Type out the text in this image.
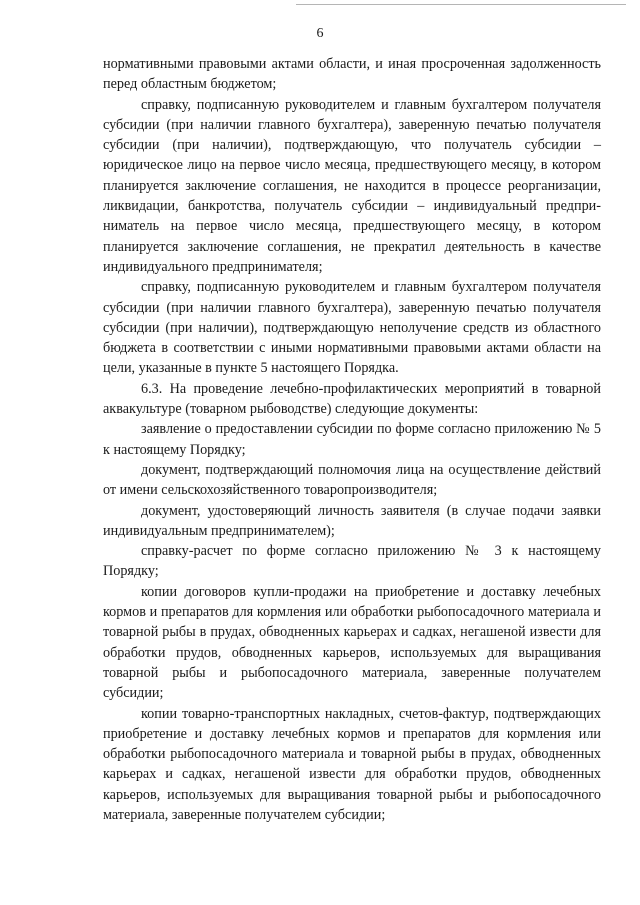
6

нормативными правовыми актами области, и иная просроченная задолженность перед областным бюджетом;

справку, подписанную руководителем и главным бухгалтером получателя субсидии (при наличии главного бухгалтера), заверенную печатью получателя субсидии (при наличии), подтверждающую, что получатель субсидии – юридическое лицо на первое число месяца, предшествующего месяцу, в котором планируется заключение соглашения, не находится в процессе реорганизации, ликвидации, банкротства, получатель субсидии – индивидуальный предприниматель на первое число месяца, предшествующего месяцу, в котором планируется заключение соглашения, не прекратил деятельность в качестве индивидуального предпринимателя;

справку, подписанную руководителем и главным бухгалтером получателя субсидии (при наличии главного бухгалтера), заверенную печатью получателя субсидии (при наличии), подтверждающую неполучение средств из областного бюджета в соответствии с иными нормативными правовыми актами области на цели, указанные в пункте 5 настоящего Порядка.

6.3. На проведение лечебно-профилактических мероприятий в товарной аквакультуре (товарном рыбоводстве) следующие документы:

заявление о предоставлении субсидии по форме согласно приложению № 5 к настоящему Порядку;

документ, подтверждающий полномочия лица на осуществление действий от имени сельскохозяйственного товаропроизводителя;

документ, удостоверяющий личность заявителя (в случае подачи заявки индивидуальным предпринимателем);

справку-расчет по форме согласно приложению № 3 к настоящему Порядку;

копии договоров купли-продажи на приобретение и доставку лечебных кормов и препаратов для кормления или обработки рыбопосадочного материала и товарной рыбы в прудах, обводненных карьерах и садках, негашеной извести для обработки прудов, обводненных карьеров, используемых для выращивания товарной рыбы и рыбопосадочного материала, заверенные получателем субсидии;

копии товарно-транспортных накладных, счетов-фактур, подтверждающих приобретение и доставку лечебных кормов и препаратов для кормления или обработки рыбопосадочного материала и товарной рыбы в прудах, обводненных карьерах и садках, негашеной извести для обработки прудов, обводненных карьеров, используемых для выращивания товарной рыбы и рыбопосадочного материала, заверенные получателем субсидии;
